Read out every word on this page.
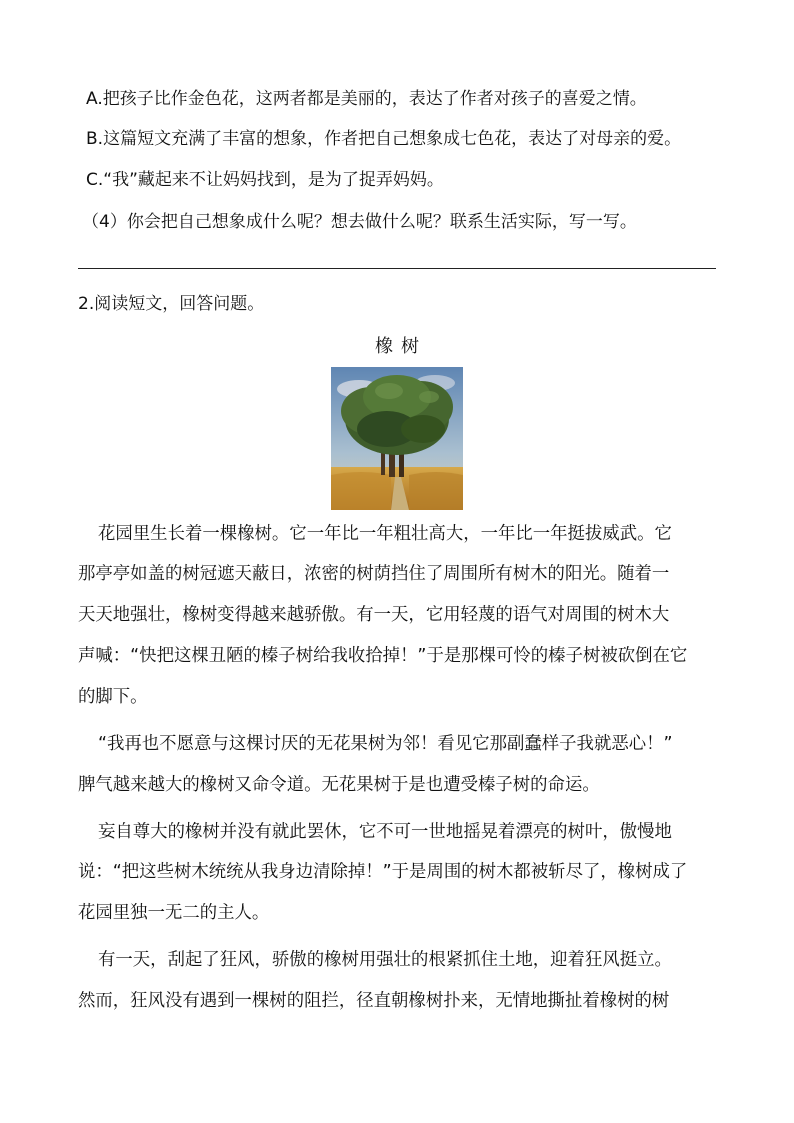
A.把孩子比作金色花，这两者都是美丽的，表达了作者对孩子的喜爱之情。
B.这篇短文充满了丰富的想象，作者把自己想象成七色花，表达了对母亲的爱。
C.“我”藏起来不让妈妈找到，是为了捉弄妈妈。
（4）你会把自己想象成什么呢？想去做什么呢？联系生活实际，写一写。
2.阅读短文，回答问题。
橡树
花园里生长着一棵橡树。它一年比一年粗壮高大，一年比一年挺拔威武。它
那亭亭如盖的树冠遮天蔽日，浓密的树荫挡住了周围所有树木的阳光。随着一
天天地强壮，橡树变得越来越骄傲。有一天，它用轻蔑的语气对周围的树木大
声喊：“快把这棵丑陋的榛子树给我收拾掉！”于是那棵可怜的榛子树被砍倒在它
的脚下。
“我再也不愿意与这棵讨厌的无花果树为邻！看见它那副蠢样子我就恶心！”
脾气越来越大的橡树又命令道。无花果树于是也遭受榛子树的命运。
妄自尊大的橡树并没有就此罢休，它不可一世地摇晃着漂亮的树叶，傲慢地
说：“把这些树木统统从我身边清除掉！”于是周围的树木都被斩尽了，橡树成了
花园里独一无二的主人。
有一天，刮起了狂风，骄傲的橡树用强壮的根紧抓住土地，迎着狂风挺立。
然而，狂风没有遇到一棵树的阻拦，径直朝橡树扑来，无情地撕扯着橡树的树
